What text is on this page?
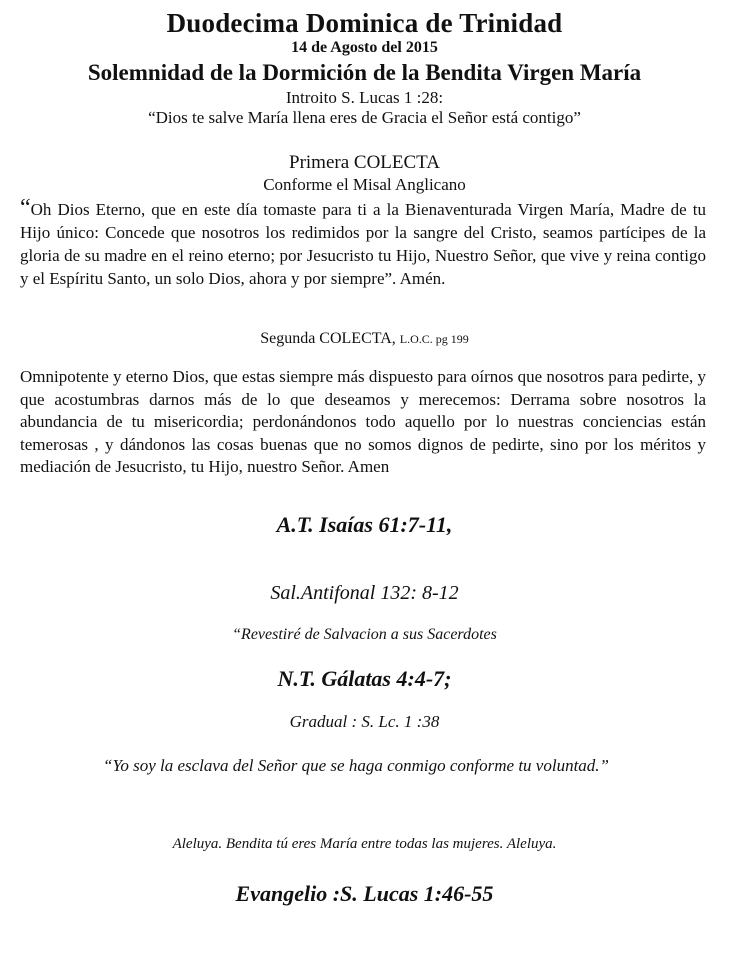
Duodecima Dominica de Trinidad
14 de Agosto del 2015
Solemnidad de la Dormición de la Bendita Virgen María
Introito S. Lucas 1 :28:
“Dios te salve María llena eres de Gracia el Señor está contigo”
Primera COLECTA
Conforme el Misal Anglicano

“Oh Dios Eterno, que en este día tomaste para ti a la Bienaventurada Virgen María, Madre de tu Hijo único: Concede que nosotros los redimidos por la sangre del Cristo, seamos partícipes de la gloria de su madre en el reino eterno; por Jesucristo tu Hijo, Nuestro Señor, que vive y reina contigo y el Espíritu Santo, un solo Dios, ahora y por siempre”. Amén.

Segunda COLECTA, L.O.C. pg 199

Omnipotente y eterno Dios, que estas siempre más dispuesto para oírnos que nosotros para pedirte, y que acostumbras darnos más de lo que deseamos y merecemos: Derrama sobre nosotros la abundancia de tu misericordia; perdonándonos todo aquello por lo nuestras conciencias están temerosas , y dándonos las cosas buenas que no somos dignos de pedirte, sino por los méritos y mediación de Jesucristo, tu Hijo, nuestro Señor. Amen

A.T. Isaías 61:7-11,
Sal.Antifonal 132: 8-12
“Revestiré de Salvacion a sus Sacerdotes
N.T. Gálatas 4:4-7;
Gradual : S. Lc. 1 :38
“Yo soy la esclava del Señor que se haga conmigo conforme tu voluntad.”
Aleluya. Bendita tú eres María entre todas las mujeres. Aleluya.
Evangelio :S. Lucas 1:46-55
